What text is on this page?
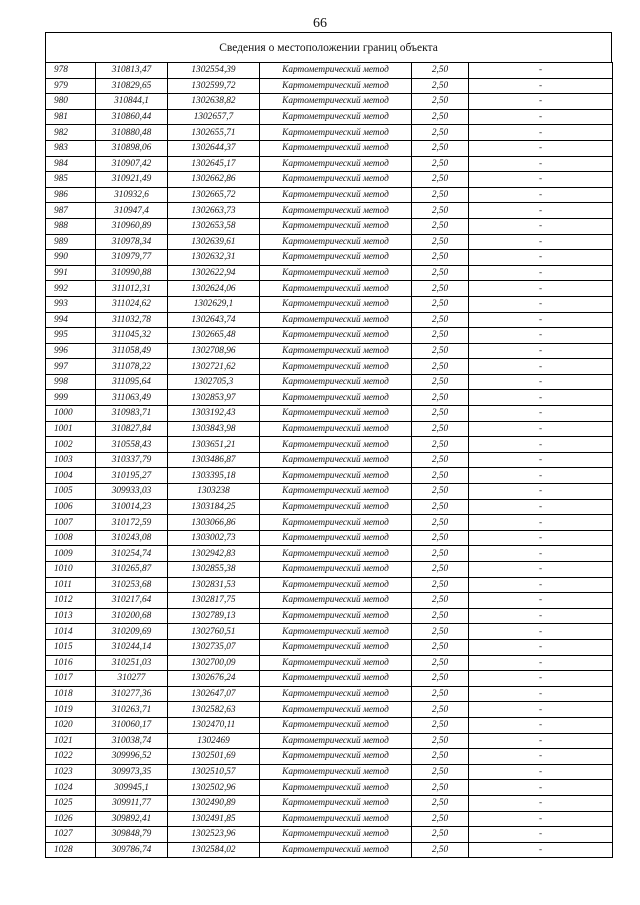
66
Сведения о местоположении границ объекта
978	310813,47	1302554,39	Картометрический метод	2,50	-
979	310829,65	1302599,72	Картометрический метод	2,50	-
980	310844,1	1302638,82	Картометрический метод	2,50	-
981	310860,44	1302657,7	Картометрический метод	2,50	-
982	310880,48	1302655,71	Картометрический метод	2,50	-
983	310898,06	1302644,37	Картометрический метод	2,50	-
984	310907,42	1302645,17	Картометрический метод	2,50	-
985	310921,49	1302662,86	Картометрический метод	2,50	-
986	310932,6	1302665,72	Картометрический метод	2,50	-
987	310947,4	1302663,73	Картометрический метод	2,50	-
988	310960,89	1302653,58	Картометрический метод	2,50	-
989	310978,34	1302639,61	Картометрический метод	2,50	-
990	310979,77	1302632,31	Картометрический метод	2,50	-
991	310990,88	1302622,94	Картометрический метод	2,50	-
992	311012,31	1302624,06	Картометрический метод	2,50	-
993	311024,62	1302629,1	Картометрический метод	2,50	-
994	311032,78	1302643,74	Картометрический метод	2,50	-
995	311045,32	1302665,48	Картометрический метод	2,50	-
996	311058,49	1302708,96	Картометрический метод	2,50	-
997	311078,22	1302721,62	Картометрический метод	2,50	-
998	311095,64	1302705,3	Картометрический метод	2,50	-
999	311063,49	1302853,97	Картометрический метод	2,50	-
1000	310983,71	1303192,43	Картометрический метод	2,50	-
1001	310827,84	1303843,98	Картометрический метод	2,50	-
1002	310558,43	1303651,21	Картометрический метод	2,50	-
1003	310337,79	1303486,87	Картометрический метод	2,50	-
1004	310195,27	1303395,18	Картометрический метод	2,50	-
1005	309933,03	1303238	Картометрический метод	2,50	-
1006	310014,23	1303184,25	Картометрический метод	2,50	-
1007	310172,59	1303066,86	Картометрический метод	2,50	-
1008	310243,08	1303002,73	Картометрический метод	2,50	-
1009	310254,74	1302942,83	Картометрический метод	2,50	-
1010	310265,87	1302855,38	Картометрический метод	2,50	-
1011	310253,68	1302831,53	Картометрический метод	2,50	-
1012	310217,64	1302817,75	Картометрический метод	2,50	-
1013	310200,68	1302789,13	Картометрический метод	2,50	-
1014	310209,69	1302760,51	Картометрический метод	2,50	-
1015	310244,14	1302735,07	Картометрический метод	2,50	-
1016	310251,03	1302700,09	Картометрический метод	2,50	-
1017	310277	1302676,24	Картометрический метод	2,50	-
1018	310277,36	1302647,07	Картометрический метод	2,50	-
1019	310263,71	1302582,63	Картометрический метод	2,50	-
1020	310060,17	1302470,11	Картометрический метод	2,50	-
1021	310038,74	1302469	Картометрический метод	2,50	-
1022	309996,52	1302501,69	Картометрический метод	2,50	-
1023	309973,35	1302510,57	Картометрический метод	2,50	-
1024	309945,1	1302502,96	Картометрический метод	2,50	-
1025	309911,77	1302490,89	Картометрический метод	2,50	-
1026	309892,41	1302491,85	Картометрический метод	2,50	-
1027	309848,79	1302523,96	Картометрический метод	2,50	-
1028	309786,74	1302584,02	Картометрический метод	2,50	-
